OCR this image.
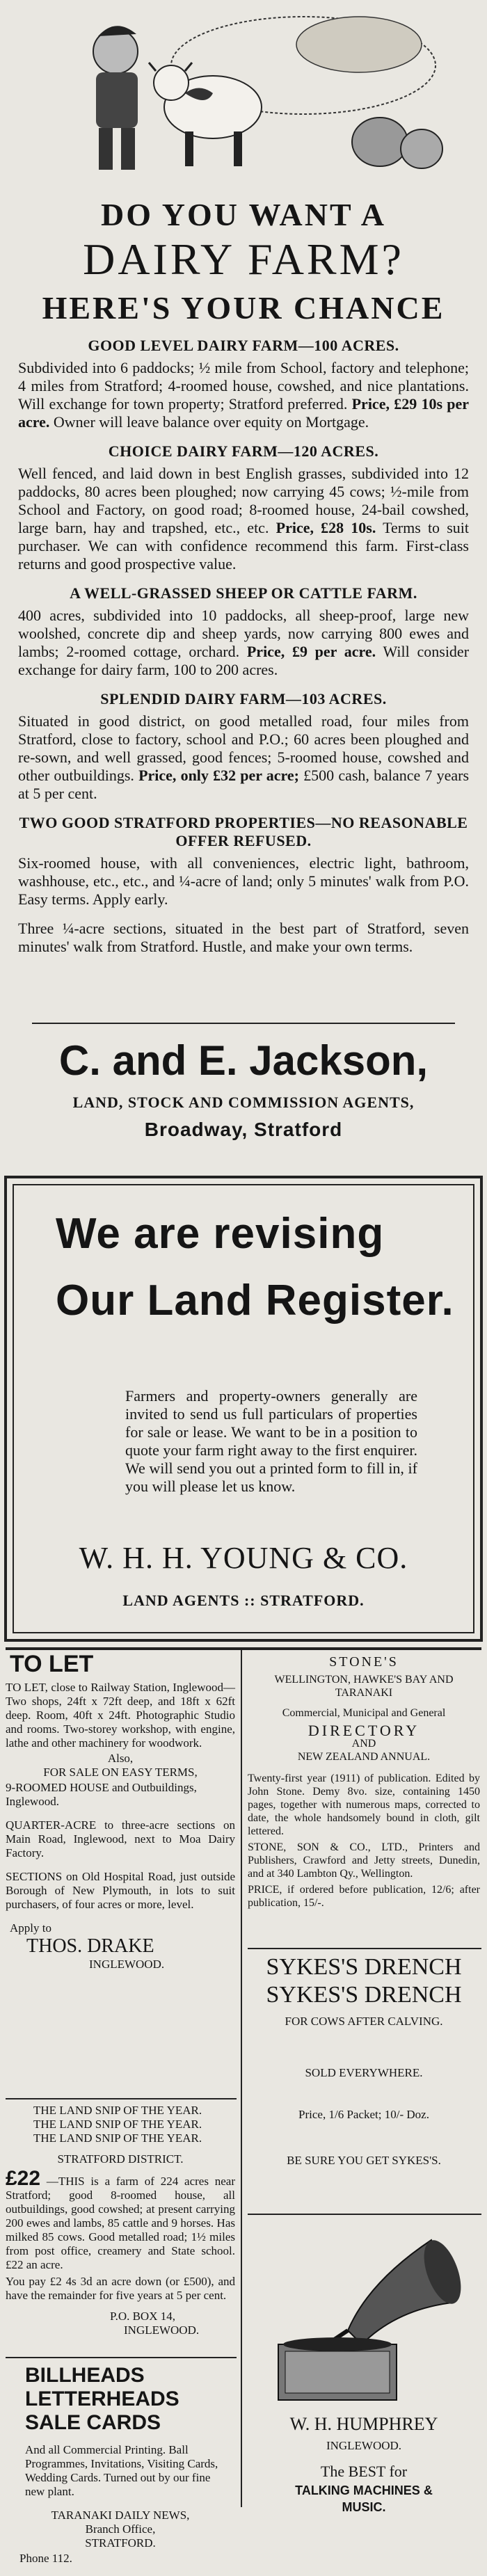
DO YOU WANT A
DAIRY FARM?
HERE'S YOUR CHANCE
GOOD LEVEL DAIRY FARM—100 ACRES.
Subdivided into 6 paddocks; ½ mile from School, factory and telephone; 4 miles from Stratford; 4-roomed house, cowshed, and nice plantations. Will exchange for town property; Stratford preferred. Price, £29 10s per acre. Owner will leave balance over equity on Mortgage.
CHOICE DAIRY FARM—120 ACRES.
Well fenced, and laid down in best English grasses, subdivided into 12 paddocks, 80 acres been ploughed; now carrying 45 cows; ½-mile from School and Factory, on good road; 8-roomed house, 24-bail cowshed, large barn, hay and trapshed, etc., etc. Price, £28 10s. Terms to suit purchaser. We can with confidence recommend this farm. First-class returns and good prospective value.
A WELL-GRASSED SHEEP OR CATTLE FARM.
400 acres, subdivided into 10 paddocks, all sheep-proof, large new woolshed, concrete dip and sheep yards, now carrying 800 ewes and lambs; 2-roomed cottage, orchard. Price, £9 per acre. Will consider exchange for dairy farm, 100 to 200 acres.
SPLENDID DAIRY FARM—103 ACRES.
Situated in good district, on good metalled road, four miles from Stratford, close to factory, school and P.O.; 60 acres been ploughed and re-sown, and well grassed, good fences; 5-roomed house, cowshed and other outbuildings. Price, only £32 per acre; £500 cash, balance 7 years at 5 per cent.
TWO GOOD STRATFORD PROPERTIES—NO REASONABLE OFFER REFUSED.
Six-roomed house, with all conveniences, electric light, bathroom, washhouse, etc., etc., and ¼-acre of land; only 5 minutes' walk from P.O. Easy terms. Apply early.
Three ¼-acre sections, situated in the best part of Stratford, seven minutes' walk from Stratford. Hustle, and make your own terms.
C. and E. Jackson,
LAND, STOCK AND COMMISSION AGENTS,
Broadway, Stratford
We are revising
Our Land Register.
Farmers and property-owners generally are invited to send us full particulars of properties for sale or lease. We want to be in a position to quote your farm right away to the first enquirer. We will send you out a printed form to fill in, if you will please let us know.
W. H. H. YOUNG & CO.
LAND AGENTS :: STRATFORD.
TO LET
TO LET, close to Railway Station, Inglewood—Two shops, 24ft x 72ft deep, and 18ft x 62ft deep. Room, 40ft x 24ft. Photographic Studio and rooms. Two-storey workshop, with engine, lathe and other machinery for woodwork.
Also,
FOR SALE ON EASY TERMS,
9-ROOMED HOUSE and Outbuildings, Inglewood.
QUARTER-ACRE to three-acre sections on Main Road, Inglewood, next to Moa Dairy Factory.
SECTIONS on Old Hospital Road, just outside Borough of New Plymouth, in lots to suit purchasers, of four acres or more, level.
Apply to
THOS. DRAKE
INGLEWOOD.
THE LAND SNIP OF THE YEAR.
THE LAND SNIP OF THE YEAR.
THE LAND SNIP OF THE YEAR.
STRATFORD DISTRICT.
£22 —THIS is a farm of 224 acres near Stratford; good 8-roomed house, all outbuildings, good cowshed; at present carrying 200 ewes and lambs, 85 cattle and 9 horses. Has milked 85 cows. Good metalled road; 1½ miles from post office, creamery and State school. £22 an acre.
You pay £2 4s 3d an acre down (or £500), and have the remainder for five years at 5 per cent.
P.O. BOX 14,
INGLEWOOD.
BILLHEADS
LETTERHEADS
SALE CARDS
And all Commercial Printing. Ball Programmes, Invitations, Visiting Cards, Wedding Cards. Turned out by our fine new plant.
TARANAKI DAILY NEWS,
Branch Office,
STRATFORD.
Phone 112.
STONE'S
WELLINGTON, HAWKE'S BAY AND TARANAKI
Commercial, Municipal and General
DIRECTORY
AND
NEW ZEALAND ANNUAL.
Twenty-first year (1911) of publication. Edited by John Stone. Demy 8vo. size, containing 1450 pages, together with numerous maps, corrected to date, the whole handsomely bound in cloth, gilt lettered.
STONE, SON & CO., LTD., Printers and Publishers, Crawford and Jetty streets, Dunedin, and at 340 Lambton Qy., Wellington.
PRICE, if ordered before publication, 12/6; after publication, 15/-.
SYKES'S DRENCH
SYKES'S DRENCH
FOR COWS AFTER CALVING.
SOLD EVERYWHERE.
Price, 1/6 Packet; 10/- Doz.
BE SURE YOU GET SYKES'S.
W. H. HUMPHREY
INGLEWOOD.
The BEST for
TALKING MACHINES &
MUSIC.
